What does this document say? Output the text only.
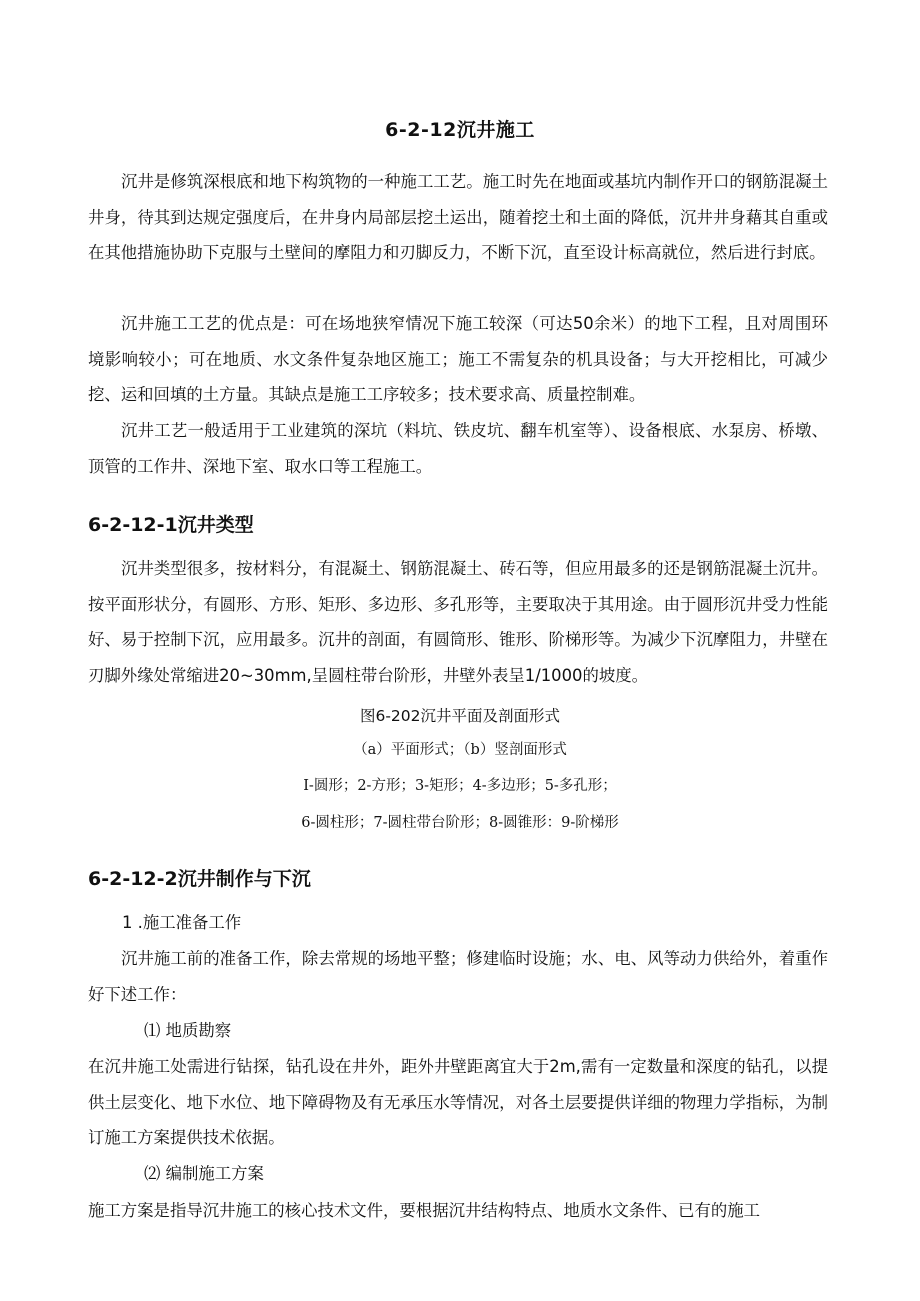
6-2-12沉井施工

沉井是修筑深根底和地下构筑物的一种施工工艺。施工时先在地面或基坑内制作开口的钢筋混凝土井身，待其到达规定强度后，在井身内局部层挖土运出，随着挖土和土面的降低，沉井井身藉其自重或在其他措施协助下克服与土壁间的摩阻力和刃脚反力，不断下沉，直至设计标高就位，然后进行封底。

沉井施工工艺的优点是：可在场地狭窄情况下施工较深（可达50余米）的地下工程，且对周围环境影响较小；可在地质、水文条件复杂地区施工；施工不需复杂的机具设备；与大开挖相比，可减少挖、运和回填的土方量。其缺点是施工工序较多；技术要求高、质量控制难。

沉井工艺一般适用于工业建筑的深坑（料坑、铁皮坑、翻车机室等）、设备根底、水泵房、桥墩、顶管的工作井、深地下室、取水口等工程施工。

6-2-12-1沉井类型

沉井类型很多，按材料分，有混凝土、钢筋混凝土、砖石等，但应用最多的还是钢筋混凝土沉井。按平面形状分，有圆形、方形、矩形、多边形、多孔形等，主要取决于其用途。由于圆形沉井受力性能好、易于控制下沉，应用最多。沉井的剖面，有圆筒形、锥形、阶梯形等。为减少下沉摩阻力，井壁在刃脚外缘处常缩进20~30mm,呈圆柱带台阶形，井壁外表呈1/1000的坡度。

图6-202沉井平面及剖面形式
（a）平面形式；（b）竖剖面形式
I-圆形；2-方形；3-矩形；4-多边形；5-多孔形；
6-圆柱形；7-圆柱带台阶形；8-圆锥形：9-阶梯形
6-2-12-2沉井制作与下沉
1 .施工准备工作

沉井施工前的准备工作，除去常规的场地平整；修建临时设施；水、电、风等动力供给外，着重作好下述工作：

⑴ 地质勘察

在沉井施工处需进行钻探，钻孔设在井外，距外井壁距离宜大于2m,需有一定数量和深度的钻孔，以提供土层变化、地下水位、地下障碍物及有无承压水等情况，对各土层要提供详细的物理力学指标，为制订施工方案提供技术依据。

⑵ 编制施工方案

施工方案是指导沉井施工的核心技术文件，要根据沉井结构特点、地质水文条件、已有的施工
